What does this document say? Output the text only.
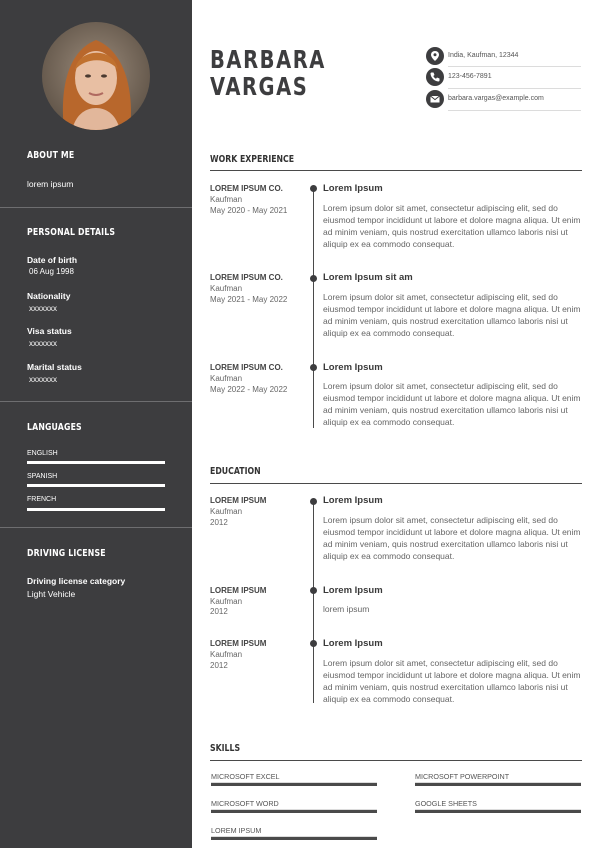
ABOUT ME
lorem ipsum
PERSONAL DETAILS
Date of birth
06 Aug 1998
Nationality
xxxxxxx
Visa status
xxxxxxx
Marital status
xxxxxxx
LANGUAGES
ENGLISH
SPANISH
FRENCH
DRIVING LICENSE
Driving license category
Light Vehicle
BARBARA
VARGAS
India, Kaufman, 12344
123-456-7891
barbara.vargas@example.com
WORK EXPERIENCE
LOREM IPSUM CO.
Kaufman
May 2020 - May 2021
Lorem Ipsum
Lorem ipsum dolor sit amet, consectetur adipiscing elit, sed do eiusmod tempor incididunt ut labore et dolore magna aliqua. Ut enim ad minim veniam, quis nostrud exercitation ullamco laboris nisi ut aliquip ex ea commodo consequat.
LOREM IPSUM CO.
Kaufman
May 2021 - May 2022
Lorem Ipsum sit am
Lorem ipsum dolor sit amet, consectetur adipiscing elit, sed do eiusmod tempor incididunt ut labore et dolore magna aliqua. Ut enim ad minim veniam, quis nostrud exercitation ullamco laboris nisi ut aliquip ex ea commodo consequat.
LOREM IPSUM CO.
Kaufman
May 2022 - May 2022
Lorem Ipsum
Lorem ipsum dolor sit amet, consectetur adipiscing elit, sed do eiusmod tempor incididunt ut labore et dolore magna aliqua. Ut enim ad minim veniam, quis nostrud exercitation ullamco laboris nisi ut aliquip ex ea commodo consequat.
EDUCATION
LOREM IPSUM
Kaufman
2012
Lorem Ipsum
Lorem ipsum dolor sit amet, consectetur adipiscing elit, sed do eiusmod tempor incididunt ut labore et dolore magna aliqua. Ut enim ad minim veniam, quis nostrud exercitation ullamco laboris nisi ut aliquip ex ea commodo consequat.
LOREM IPSUM
Kaufman
2012
Lorem Ipsum
lorem ipsum
LOREM IPSUM
Kaufman
2012
Lorem Ipsum
Lorem ipsum dolor sit amet, consectetur adipiscing elit, sed do eiusmod tempor incididunt ut labore et dolore magna aliqua. Ut enim ad minim veniam, quis nostrud exercitation ullamco laboris nisi ut aliquip ex ea commodo consequat.
SKILLS
MICROSOFT EXCEL	MICROSOFT POWERPOINT
MICROSOFT WORD	GOOGLE SHEETS
LOREM IPSUM
